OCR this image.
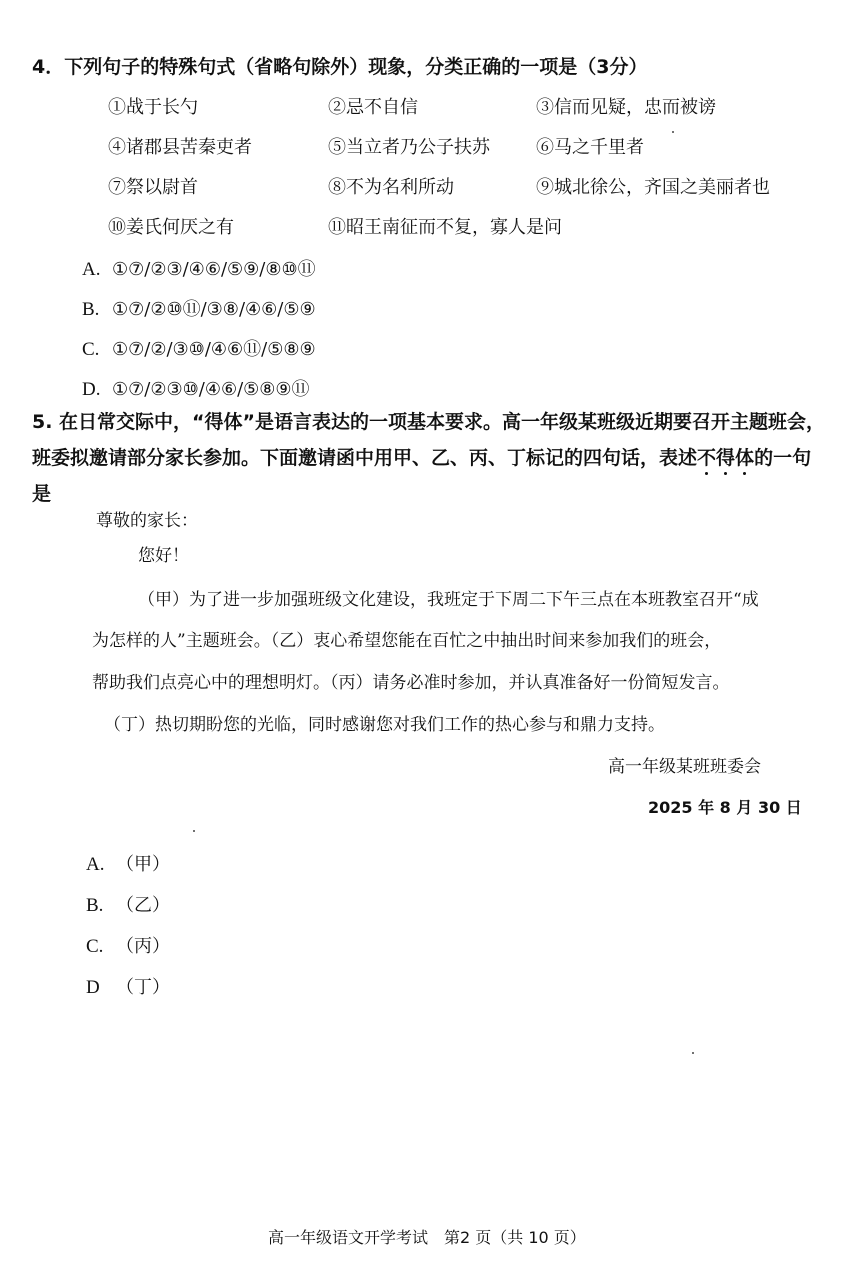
4．下列句子的特殊句式（省略句除外）现象，分类正确的一项是（3分）
①战于长勺	②忌不自信	③信而见疑，忠而被谤
④诸郡县苦秦吏者	⑤当立者乃公子扶苏	⑥马之千里者
⑦祭以尉首	⑧不为名利所动	⑨城北徐公，齐国之美丽者也
⑩姜氏何厌之有	⑪昭王南征而不复，寡人是问
A. ①⑦/②③/④⑥/⑤⑨/⑧⑩⑪
B. ①⑦/②⑩⑪/③⑧/④⑥/⑤⑨
C. ①⑦/②/③⑩/④⑥⑪/⑤⑧⑨
D. ①⑦/②③⑩/④⑥/⑤⑧⑨⑪
5. 在日常交际中，“得体”是语言表达的一项基本要求。高一年级某班级近期要召开主题班会，
班委拟邀请部分家长参加。下面邀请函中用甲、乙、丙、丁标记的四句话，表述不得体的一句
是
尊敬的家长：
您好！
（甲）为了进一步加强班级文化建设，我班定于下周二下午三点在本班教室召开“成
为怎样的人”主题班会。（乙）衷心希望您能在百忙之中抽出时间来参加我们的班会，
帮助我们点亮心中的理想明灯。（丙）请务必准时参加，并认真准备好一份简短发言。
（丁）热切期盼您的光临，同时感谢您对我们工作的热心参与和鼎力支持。
高一年级某班班委会
2025 年 8 月 30 日
A. （甲）
B. （乙）
C. （丙）
D （丁）
高一年级语文开学考试　第2 页（共 10 页）
